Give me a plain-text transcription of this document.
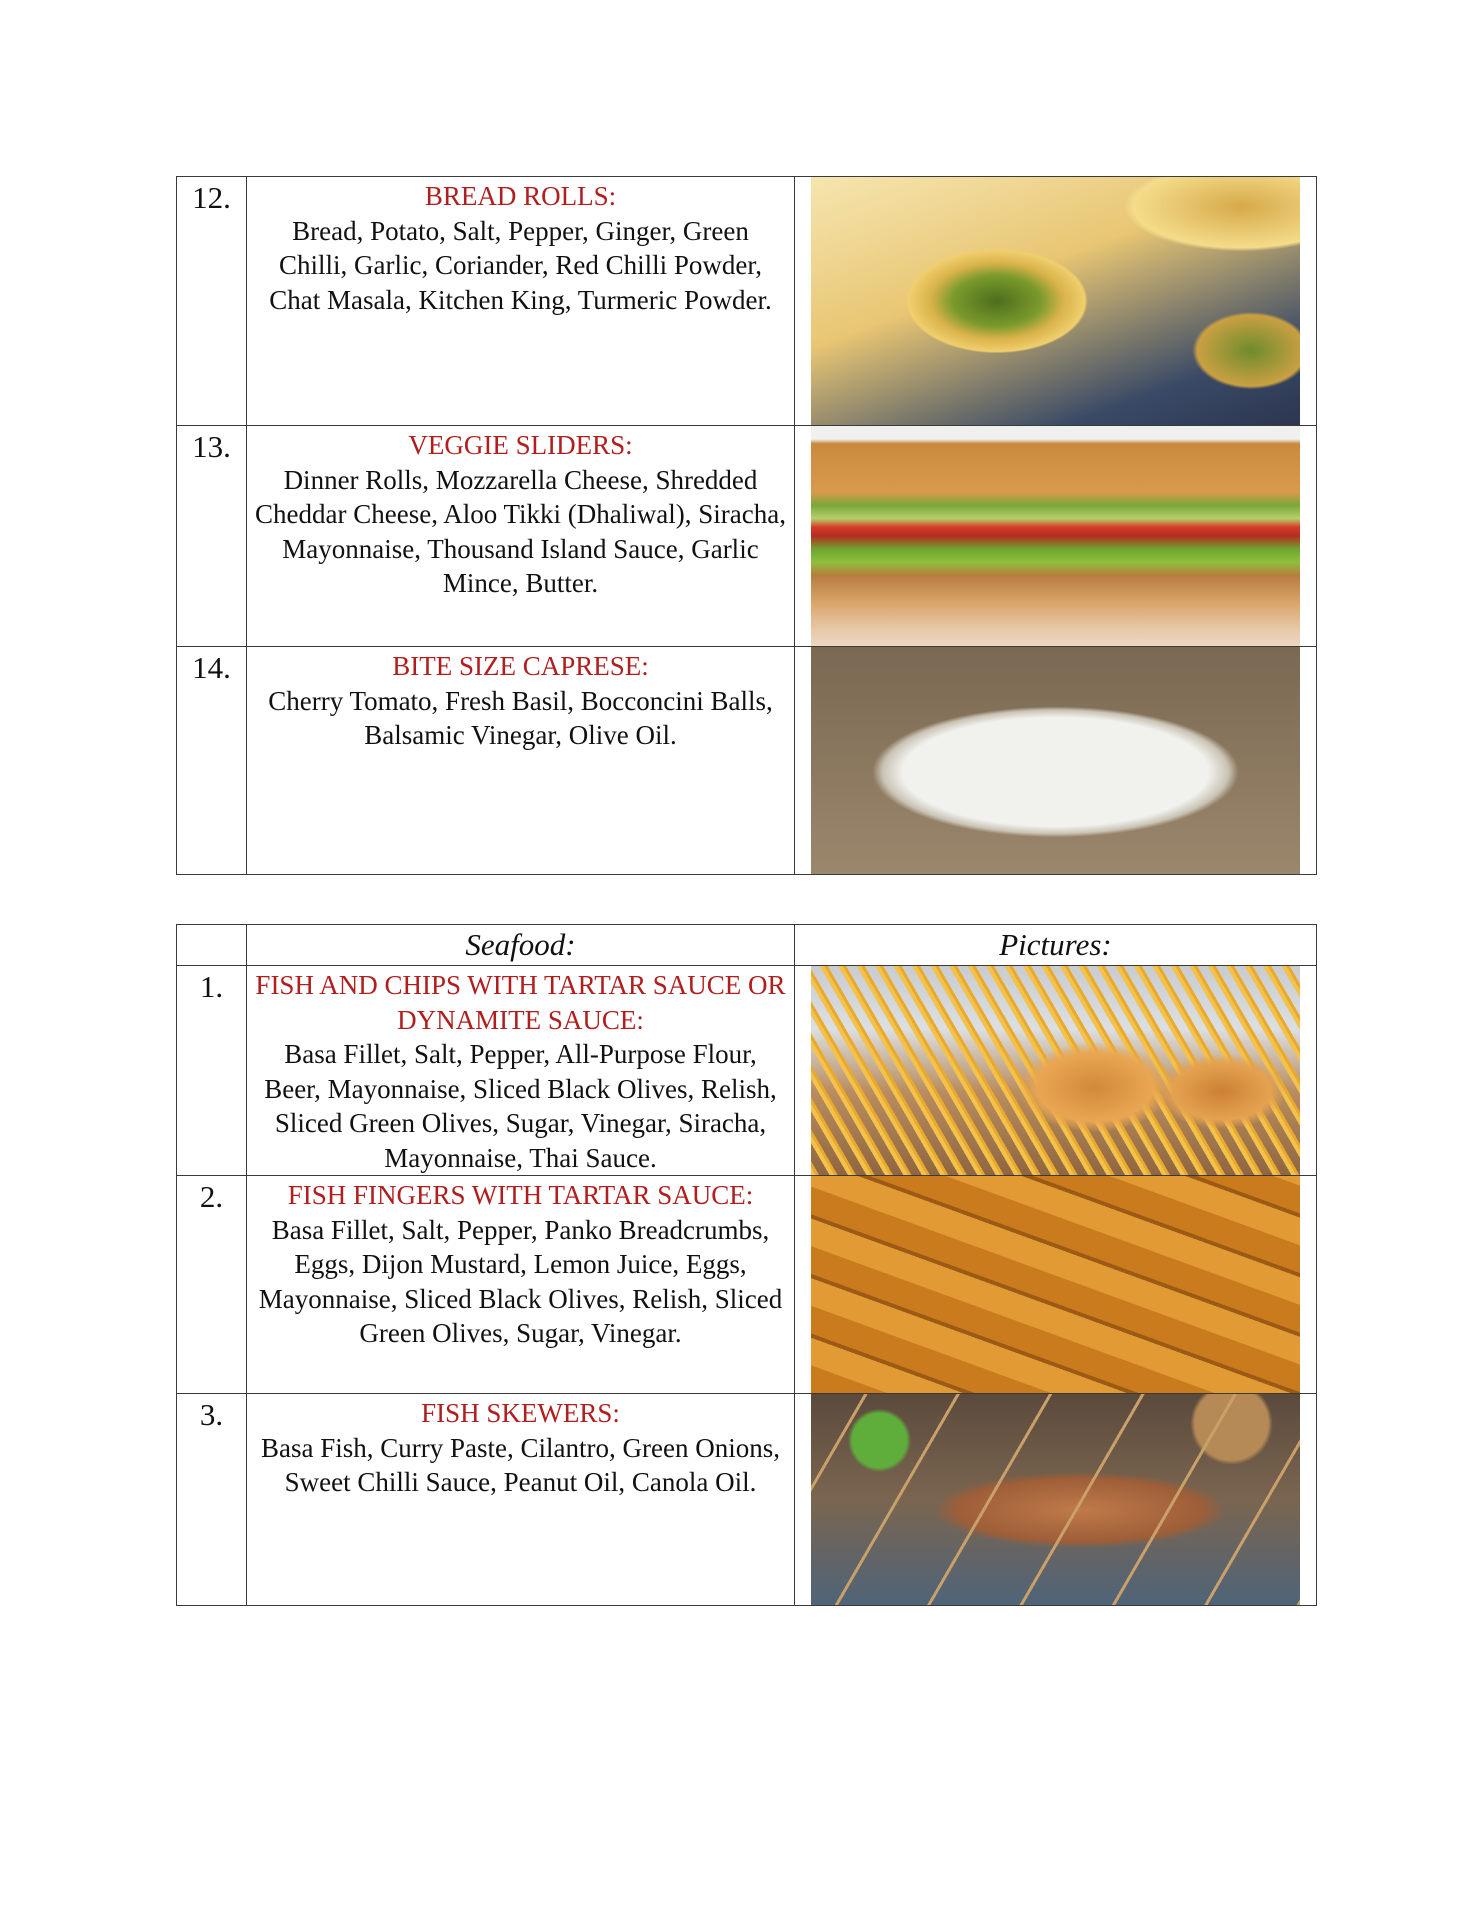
12.	BREAD ROLLS:
Bread, Potato, Salt, Pepper, Ginger, Green Chilli, Garlic, Coriander, Red Chilli Powder, Chat Masala, Kitchen King, Turmeric Powder.	

13.	VEGGIE SLIDERS:
Dinner Rolls, Mozzarella Cheese, Shredded Cheddar Cheese, Aloo Tikki (Dhaliwal), Siracha, Mayonnaise, Thousand Island Sauce, Garlic Mince, Butter.	

14.	BITE SIZE CAPRESE:
Cherry Tomato, Fresh Basil, Bocconcini Balls, Balsamic Vinegar, Olive Oil.	

	Seafood:	Pictures:
1.	FISH AND CHIPS WITH TARTAR SAUCE OR DYNAMITE SAUCE:
Basa Fillet, Salt, Pepper, All-Purpose Flour, Beer, Mayonnaise, Sliced Black Olives, Relish, Sliced Green Olives, Sugar, Vinegar, Siracha, Mayonnaise, Thai Sauce.	

2.	FISH FINGERS WITH TARTAR SAUCE:
Basa Fillet, Salt, Pepper, Panko Breadcrumbs, Eggs, Dijon Mustard, Lemon Juice, Eggs, Mayonnaise, Sliced Black Olives, Relish, Sliced Green Olives, Sugar, Vinegar.	

3.	FISH SKEWERS:
Basa Fish, Curry Paste, Cilantro, Green Onions, Sweet Chilli Sauce, Peanut Oil, Canola Oil.	
